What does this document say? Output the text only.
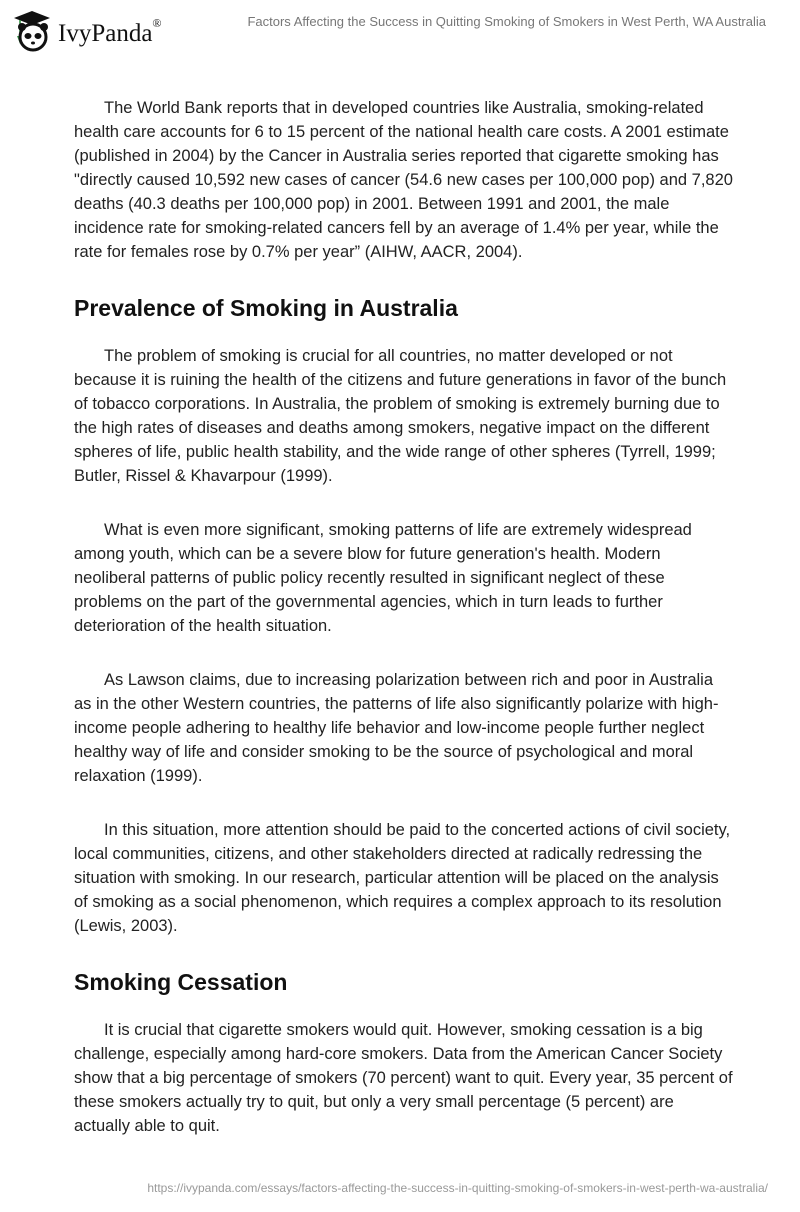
IvyPanda®	Factors Affecting the Success in Quitting Smoking of Smokers in West Perth, WA Australia

The World Bank reports that in developed countries like Australia, smoking-related health care accounts for 6 to 15 percent of the national health care costs. A 2001 estimate (published in 2004) by the Cancer in Australia series reported that cigarette smoking has "directly caused 10,592 new cases of cancer (54.6 new cases per 100,000 pop) and 7,820 deaths (40.3 deaths per 100,000 pop) in 2001. Between 1991 and 2001, the male incidence rate for smoking-related cancers fell by an average of 1.4% per year, while the rate for females rose by 0.7% per year” (AIHW, AACR, 2004).

Prevalence of Smoking in Australia

The problem of smoking is crucial for all countries, no matter developed or not because it is ruining the health of the citizens and future generations in favor of the bunch of tobacco corporations. In Australia, the problem of smoking is extremely burning due to the high rates of diseases and deaths among smokers, negative impact on the different spheres of life, public health stability, and the wide range of other spheres (Tyrrell, 1999; Butler, Rissel & Khavarpour (1999).

What is even more significant, smoking patterns of life are extremely widespread among youth, which can be a severe blow for future generation's health. Modern neoliberal patterns of public policy recently resulted in significant neglect of these problems on the part of the governmental agencies, which in turn leads to further deterioration of the health situation.

As Lawson claims, due to increasing polarization between rich and poor in Australia as in the other Western countries, the patterns of life also significantly polarize with high-income people adhering to healthy life behavior and low-income people further neglect healthy way of life and consider smoking to be the source of psychological and moral relaxation (1999).

In this situation, more attention should be paid to the concerted actions of civil society, local communities, citizens, and other stakeholders directed at radically redressing the situation with smoking. In our research, particular attention will be placed on the analysis of smoking as a social phenomenon, which requires a complex approach to its resolution (Lewis, 2003).

Smoking Cessation

It is crucial that cigarette smokers would quit. However, smoking cessation is a big challenge, especially among hard-core smokers. Data from the American Cancer Society show that a big percentage of smokers (70 percent) want to quit. Every year, 35 percent of these smokers actually try to quit, but only a very small percentage (5 percent) are actually able to quit.

https://ivypanda.com/essays/factors-affecting-the-success-in-quitting-smoking-of-smokers-in-west-perth-wa-australia/
